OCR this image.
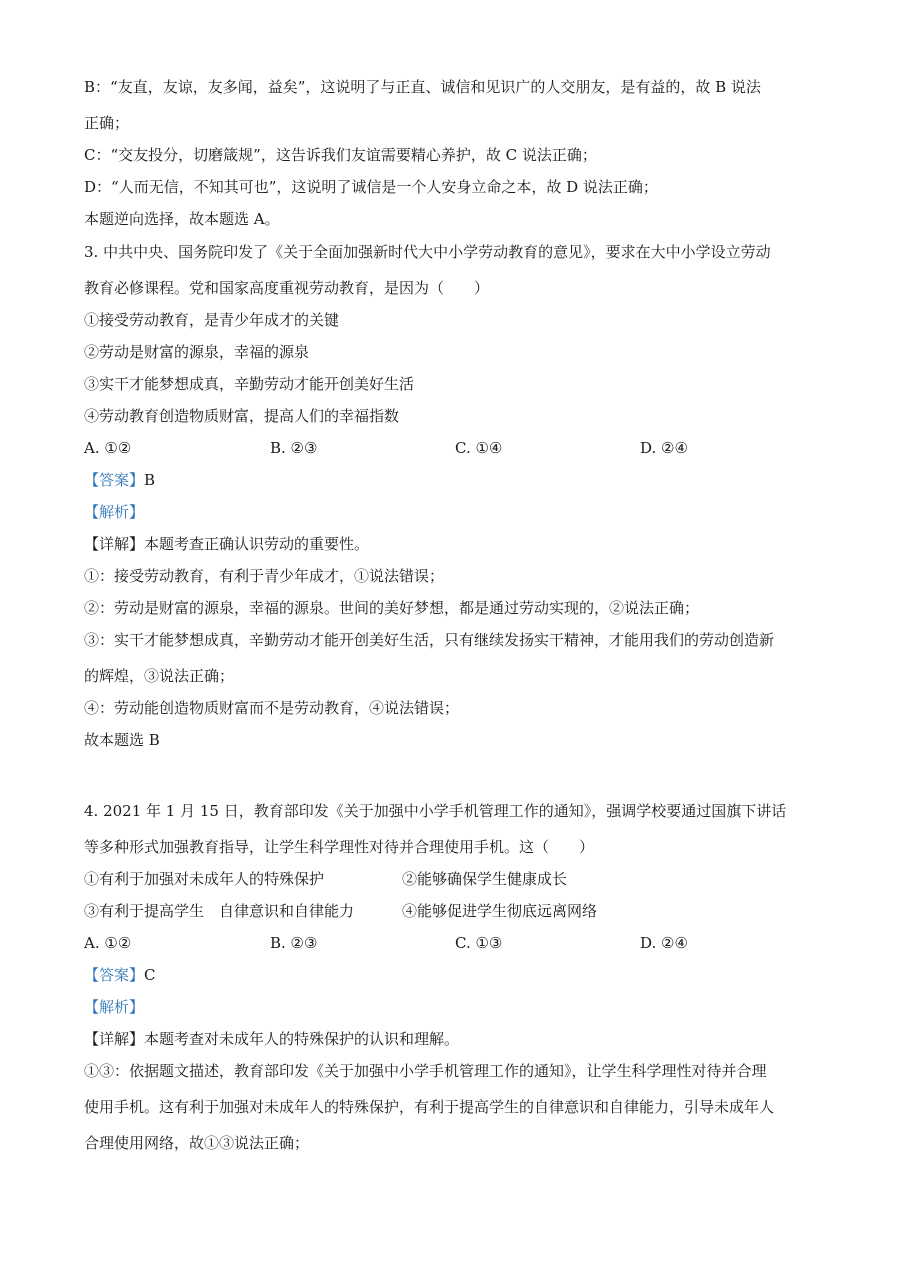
B：“友直，友谅，友多闻，益矣”，这说明了与正直、诚信和见识广的人交朋友，是有益的，故 B 说法
正确；
C：“交友投分，切磨箴规”，这告诉我们友谊需要精心养护，故 C 说法正确；
D：“人而无信，不知其可也”，这说明了诚信是一个人安身立命之本，故 D 说法正确；
本题逆向选择，故本题选 A。
3. 中共中央、国务院印发了《关于全面加强新时代大中小学劳动教育的意见》，要求在大中小学设立劳动
教育必修课程。党和国家高度重视劳动教育，是因为（　　）
①接受劳动教育，是青少年成才的关键
②劳动是财富的源泉，幸福的源泉
③实干才能梦想成真，辛勤劳动才能开创美好生活
④劳动教育创造物质财富，提高人们的幸福指数
A. ①②	B. ②③	C. ①④	D. ②④
【答案】B
【解析】
【详解】本题考查正确认识劳动的重要性。
①：接受劳动教育，有利于青少年成才，①说法错误；
②：劳动是财富的源泉，幸福的源泉。世间的美好梦想，都是通过劳动实现的，②说法正确；
③：实干才能梦想成真，辛勤劳动才能开创美好生活，只有继续发扬实干精神，才能用我们的劳动创造新
的辉煌，③说法正确；
④：劳动能创造物质财富而不是劳动教育，④说法错误；
故本题选 B
4. 2021 年 1 月 15 日，教育部印发《关于加强中小学手机管理工作的通知》，强调学校要通过国旗下讲话
等多种形式加强教育指导，让学生科学理性对待并合理使用手机。这（　　）
①有利于加强对未成年人的特殊保护	②能够确保学生健康成长
③有利于提高学生　自律意识和自律能力	④能够促进学生彻底远离网络
A. ①②	B. ②③	C. ①③	D. ②④
【答案】C
【解析】
【详解】本题考查对未成年人的特殊保护的认识和理解。
①③：依据题文描述，教育部印发《关于加强中小学手机管理工作的通知》，让学生科学理性对待并合理
使用手机。这有利于加强对未成年人的特殊保护，有利于提高学生的自律意识和自律能力，引导未成年人
合理使用网络，故①③说法正确；
